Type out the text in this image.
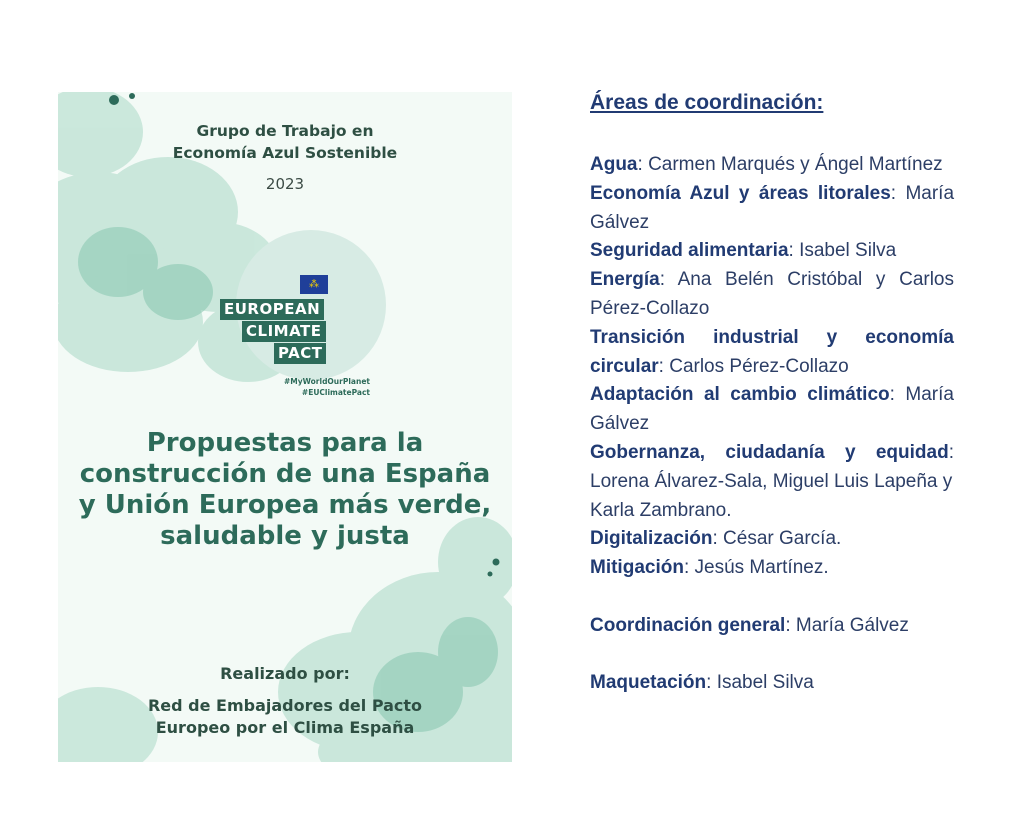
Grupo de Trabajo en
Economía Azul Sostenible
2023
⁂
EUROPEAN
CLIMATE
PACT
#MyWorldOurPlanet
#EUClimatePact
Propuestas para la construcción de una España y Unión Europea más verde, saludable y justa
Realizado por:
Red de Embajadores del Pacto
Europeo por el Clima España
Áreas de coordinación:
Agua: Carmen Marqués y Ángel Martínez
Economía Azul y áreas litorales: María Gálvez
Seguridad alimentaria: Isabel Silva
Energía: Ana Belén Cristóbal y Carlos Pérez-Collazo
Transición industrial y economía circular: Carlos Pérez-Collazo
Adaptación al cambio climático: María Gálvez
Gobernanza, ciudadanía y equidad: Lorena Álvarez-Sala, Miguel Luis Lapeña y
Karla Zambrano.
Digitalización: César García.
Mitigación: Jesús Martínez.
Coordinación general: María Gálvez
Maquetación: Isabel Silva
